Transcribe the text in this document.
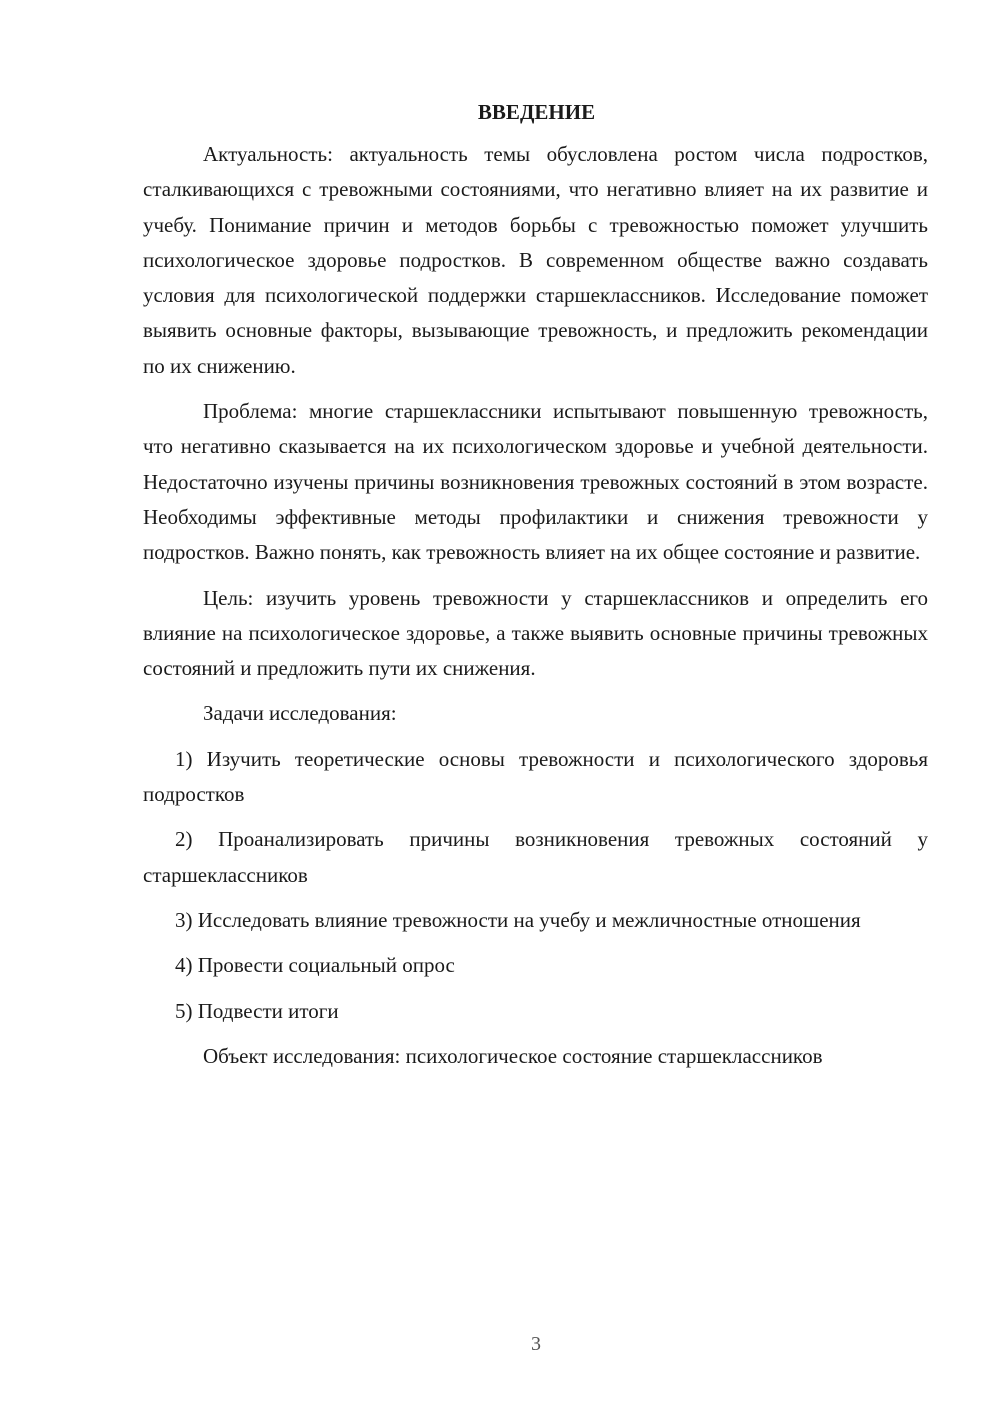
ВВЕДЕНИЕ

Актуальность: актуальность темы обусловлена ростом числа подростков, сталкивающихся с тревожными состояниями, что негативно влияет на их развитие и учебу. Понимание причин и методов борьбы с тревожностью поможет улучшить психологическое здоровье подростков. В современном обществе важно создавать условия для психологической поддержки старшеклассников. Исследование поможет выявить основные факторы, вызывающие тревожность, и предложить рекомендации по их снижению.

Проблема: многие старшеклассники испытывают повышенную тревожность, что негативно сказывается на их психологическом здоровье и учебной деятельности. Недостаточно изучены причины возникновения тревожных состояний в этом возрасте. Необходимы эффективные методы профилактики и снижения тревожности у подростков. Важно понять, как тревожность влияет на их общее состояние и развитие.

Цель: изучить уровень тревожности у старшеклассников и определить его влияние на психологическое здоровье, а также выявить основные причины тревожных состояний и предложить пути их снижения.

Задачи исследования:

1) Изучить теоретические основы тревожности и психологического здоровья подростков

2) Проанализировать причины возникновения тревожных состояний у старшеклассников

3) Исследовать влияние тревожности на учебу и межличностные отношения

4) Провести социальный опрос

5) Подвести итоги

Объект исследования: психологическое состояние старшеклассников

3
